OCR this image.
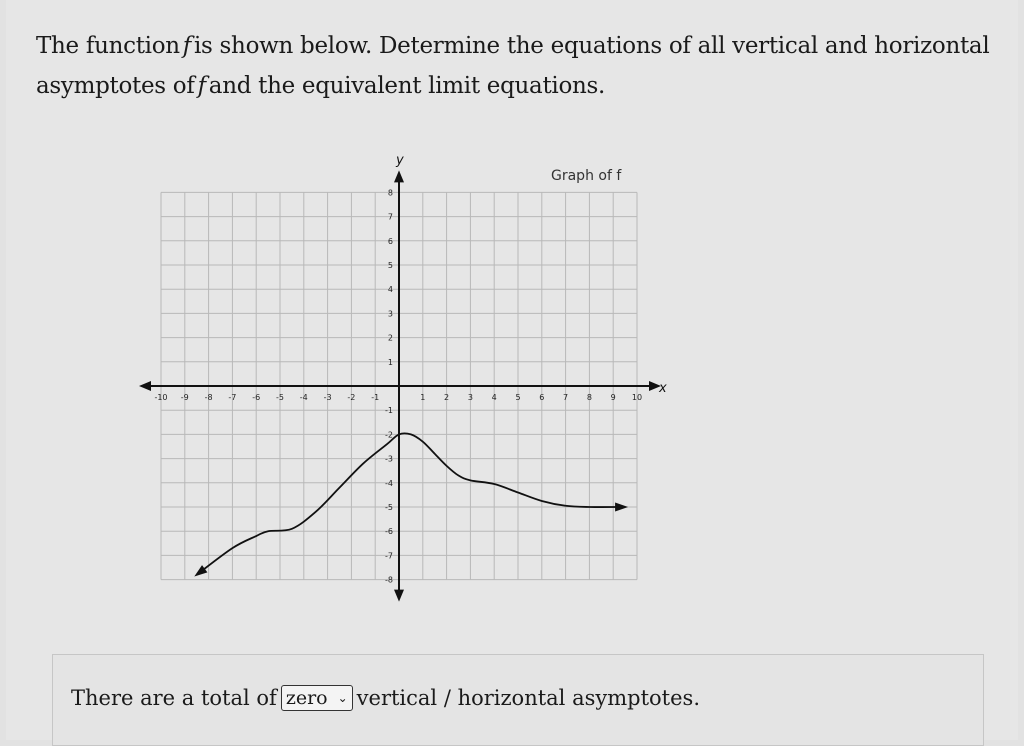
The function f is shown below. Determine the equations of all vertical and horizontal asymptotes of f and the equivalent limit equations.
-10 -9 -8 -7 -6 -5 -4 -3 -2 -1	1 2 3 4 5 6 7 8 9 10
8
7
6
5
4
3
2
1
-1
-2
-3
-4
-5
-6
-7
-8
Graph of f
x
y
There are a total of zero ⌄ vertical / horizontal asymptotes.
